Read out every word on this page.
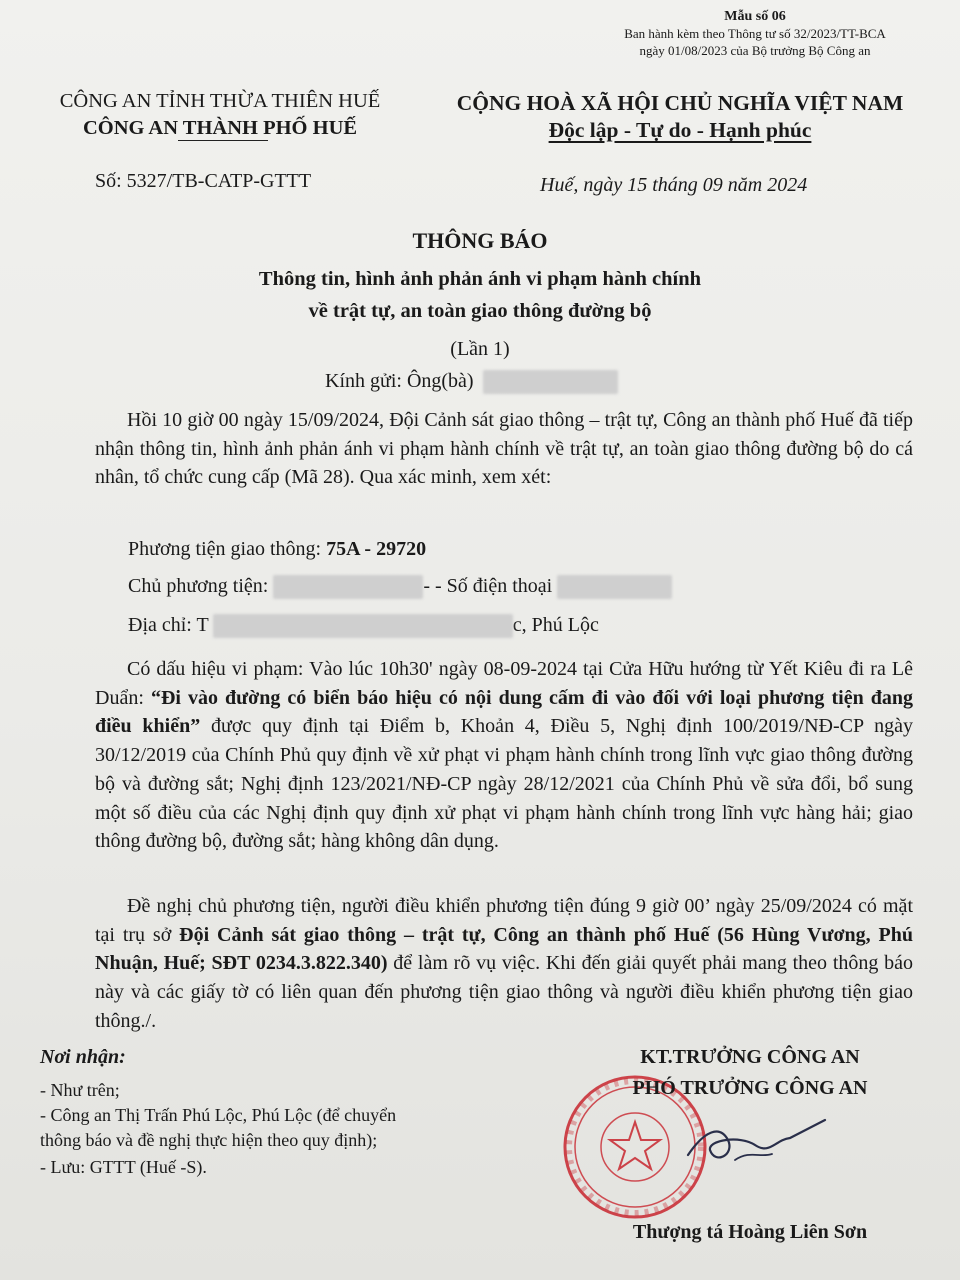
Mẫu số 06
Ban hành kèm theo Thông tư số 32/2023/TT-BCA
ngày 01/08/2023 của Bộ trưởng Bộ Công an
CÔNG AN TỈNH THỪA THIÊN HUẾ
CÔNG AN THÀNH PHỐ HUẾ
CỘNG HOÀ XÃ HỘI CHỦ NGHĨA VIỆT NAM
Độc lập - Tự do - Hạnh phúc
Số: 5327/TB-CATP-GTTT	Huế, ngày 15 tháng 09 năm 2024
THÔNG BÁO
Thông tin, hình ảnh phản ánh vi phạm hành chính
về trật tự, an toàn giao thông đường bộ
(Lần 1)
Kính gửi: Ông(bà)
Hồi 10 giờ 00 ngày 15/09/2024, Đội Cảnh sát giao thông – trật tự, Công an thành phố Huế đã tiếp nhận thông tin, hình ảnh phản ánh vi phạm hành chính về trật tự, an toàn giao thông đường bộ do cá nhân, tổ chức cung cấp (Mã 28). Qua xác minh, xem xét:
Phương tiện giao thông: 75A - 29720
Chủ phương tiện:	- - Số điện thoại
Địa chỉ: T	c, Phú Lộc
Có dấu hiệu vi phạm: Vào lúc 10h30' ngày 08-09-2024 tại Cửa Hữu hướng từ Yết Kiêu đi ra Lê Duẩn: “Đi vào đường có biển báo hiệu có nội dung cấm đi vào đối với loại phương tiện đang điều khiển” được quy định tại Điểm b, Khoản 4, Điều 5, Nghị định 100/2019/NĐ-CP ngày 30/12/2019 của Chính Phủ quy định về xử phạt vi phạm hành chính trong lĩnh vực giao thông đường bộ và đường sắt; Nghị định 123/2021/NĐ-CP ngày 28/12/2021 của Chính Phủ về sửa đổi, bổ sung một số điều của các Nghị định quy định xử phạt vi phạm hành chính trong lĩnh vực hàng hải; giao thông đường bộ, đường sắt; hàng không dân dụng.
Đề nghị chủ phương tiện, người điều khiển phương tiện đúng 9 giờ 00’ ngày 25/09/2024 có mặt tại trụ sở Đội Cảnh sát giao thông – trật tự, Công an thành phố Huế (56 Hùng Vương, Phú Nhuận, Huế; SĐT 0234.3.822.340) để làm rõ vụ việc. Khi đến giải quyết phải mang theo thông báo này và các giấy tờ có liên quan đến phương tiện giao thông và người điều khiển phương tiện giao thông./.
Nơi nhận:
- Như trên;
- Công an Thị Trấn Phú Lộc, Phú Lộc (để chuyển
thông báo và đề nghị thực hiện theo quy định);
- Lưu: GTTT (Huế -S).
KT.TRƯỞNG CÔNG AN
PHÓ TRƯỞNG CÔNG AN
Thượng tá Hoàng Liên Sơn
